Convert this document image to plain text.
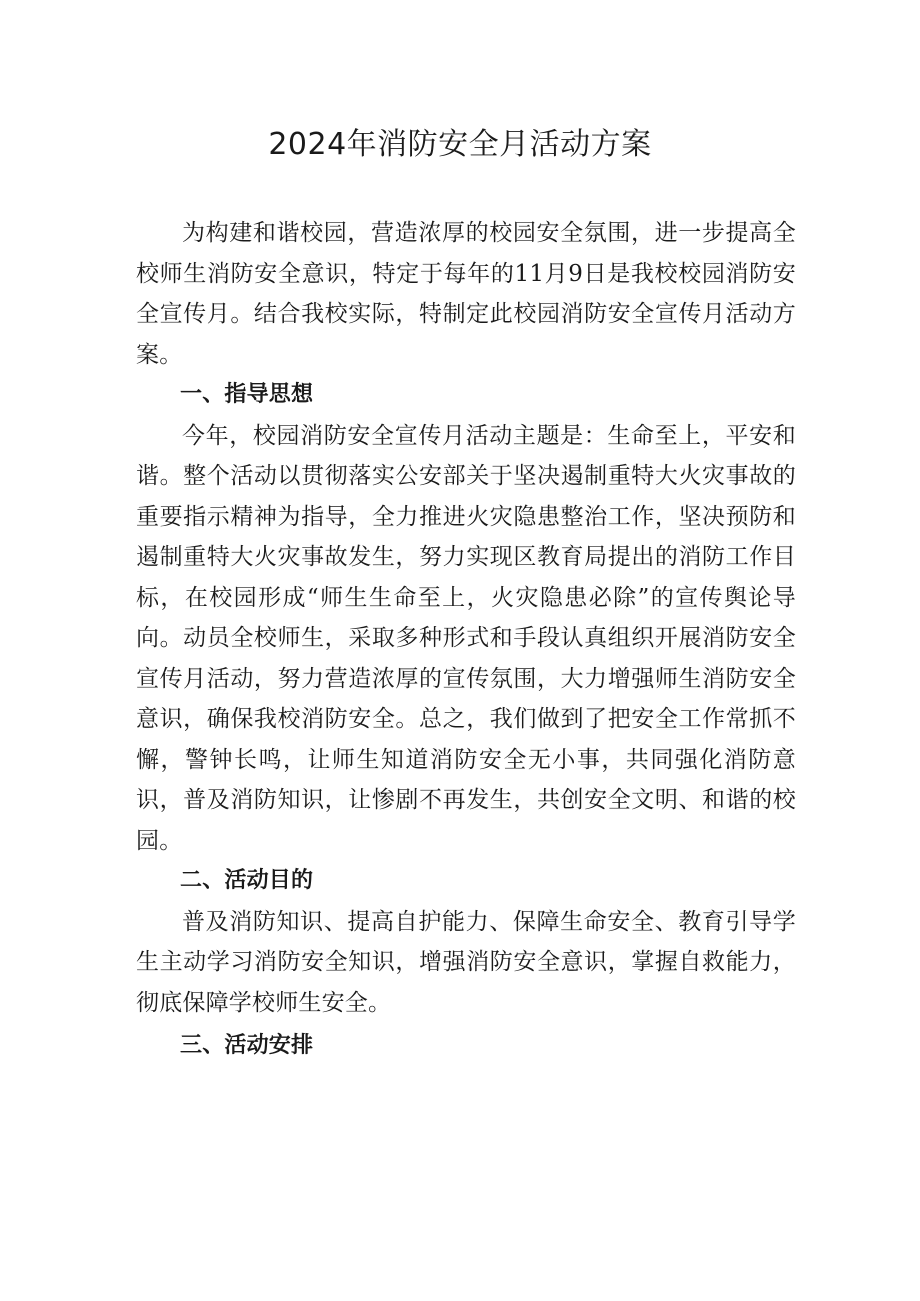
2024年消防安全月活动方案

为构建和谐校园，营造浓厚的校园安全氛围，进一步提高全校师生消防安全意识，特定于每年的11月9日是我校校园消防安全宣传月。结合我校实际，特制定此校园消防安全宣传月活动方案。

一、指导思想

今年，校园消防安全宣传月活动主题是：生命至上，平安和谐。整个活动以贯彻落实公安部关于坚决遏制重特大火灾事故的重要指示精神为指导，全力推进火灾隐患整治工作，坚决预防和遏制重特大火灾事故发生，努力实现区教育局提出的消防工作目标，在校园形成“师生生命至上，火灾隐患必除”的宣传舆论导向。动员全校师生，采取多种形式和手段认真组织开展消防安全宣传月活动，努力营造浓厚的宣传氛围，大力增强师生消防安全意识，确保我校消防安全。总之，我们做到了把安全工作常抓不懈，警钟长鸣，让师生知道消防安全无小事，共同强化消防意识，普及消防知识，让惨剧不再发生，共创安全文明、和谐的校园。

二、活动目的

普及消防知识、提高自护能力、保障生命安全、教育引导学生主动学习消防安全知识，增强消防安全意识，掌握自救能力，彻底保障学校师生安全。

三、活动安排
